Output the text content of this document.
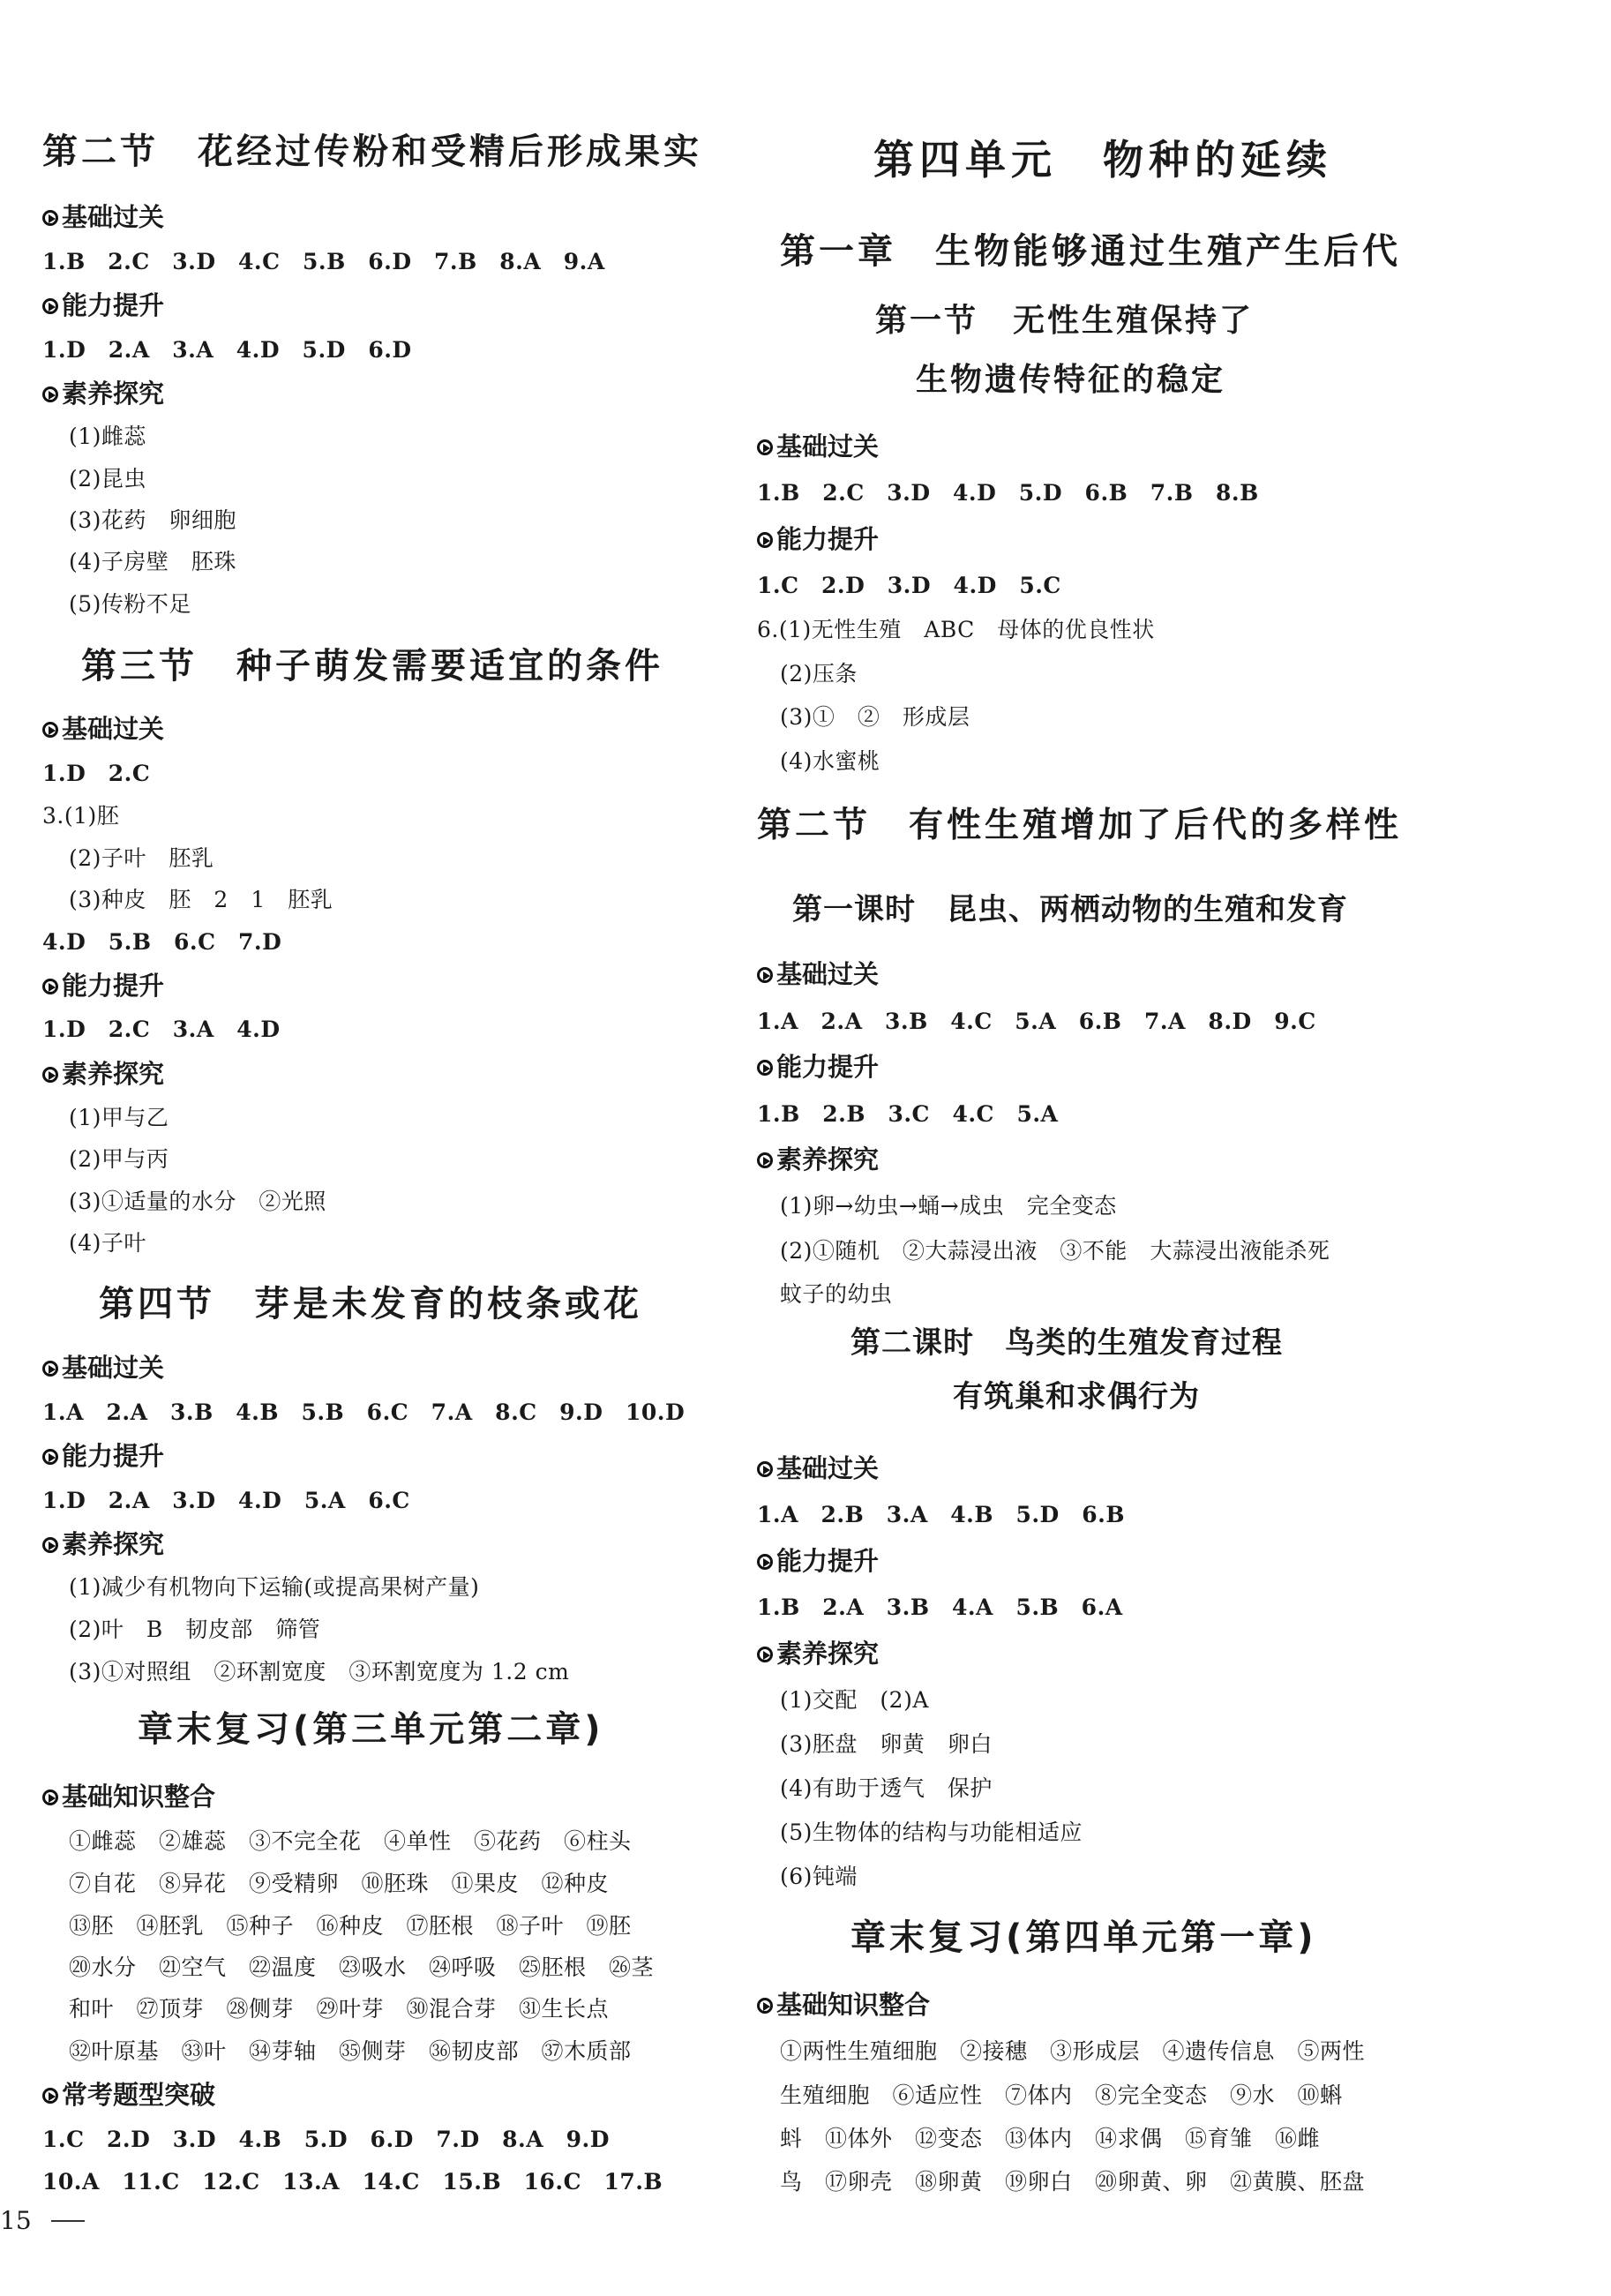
第二节　花经过传粉和受精后形成果实
基础过关
1.B　2.C　3.D　4.C　5.B　6.D　7.B　8.A　9.A
能力提升
1.D　2.A　3.A　4.D　5.D　6.D
素养探究
(1)雌蕊
(2)昆虫
(3)花药　卵细胞
(4)子房壁　胚珠
(5)传粉不足
第三节　种子萌发需要适宜的条件
基础过关
1.D　2.C
3.(1)胚
(2)子叶　胚乳
(3)种皮　胚　2　1　胚乳
4.D　5.B　6.C　7.D
能力提升
1.D　2.C　3.A　4.D
素养探究
(1)甲与乙
(2)甲与丙
(3)①适量的水分　②光照
(4)子叶
第四节　芽是未发育的枝条或花
基础过关
1.A　2.A　3.B　4.B　5.B　6.C　7.A　8.C　9.D　10.D
能力提升
1.D　2.A　3.D　4.D　5.A　6.C
素养探究
(1)减少有机物向下运输(或提高果树产量)
(2)叶　B　韧皮部　筛管
(3)①对照组　②环割宽度　③环割宽度为 1.2 cm
章末复习(第三单元第二章)
基础知识整合
①雌蕊　②雄蕊　③不完全花　④单性　⑤花药　⑥柱头
⑦自花　⑧异花　⑨受精卵　⑩胚珠　⑪果皮　⑫种皮
⑬胚　⑭胚乳　⑮种子　⑯种皮　⑰胚根　⑱子叶　⑲胚
⑳水分　㉑空气　㉒温度　㉓吸水　㉔呼吸　㉕胚根　㉖茎
和叶　㉗顶芽　㉘侧芽　㉙叶芽　㉚混合芽　㉛生长点
㉜叶原基　㉝叶　㉞芽轴　㉟侧芽　㊱韧皮部　㊲木质部
常考题型突破
1.C　2.D　3.D　4.B　5.D　6.D　7.D　8.A　9.D
10.A　11.C　12.C　13.A　14.C　15.B　16.C　17.B
15
第四单元　物种的延续
第一章　生物能够通过生殖产生后代
第一节　无性生殖保持了
生物遗传特征的稳定
基础过关
1.B　2.C　3.D　4.D　5.D　6.B　7.B　8.B
能力提升
1.C　2.D　3.D　4.D　5.C
6.(1)无性生殖　ABC　母体的优良性状
(2)压条
(3)①　②　形成层
(4)水蜜桃
第二节　有性生殖增加了后代的多样性
第一课时　昆虫、两栖动物的生殖和发育
基础过关
1.A　2.A　3.B　4.C　5.A　6.B　7.A　8.D　9.C
能力提升
1.B　2.B　3.C　4.C　5.A
素养探究
(1)卵→幼虫→蛹→成虫　完全变态
(2)①随机　②大蒜浸出液　③不能　大蒜浸出液能杀死
蚊子的幼虫
第二课时　鸟类的生殖发育过程
有筑巢和求偶行为
基础过关
1.A　2.B　3.A　4.B　5.D　6.B
能力提升
1.B　2.A　3.B　4.A　5.B　6.A
素养探究
(1)交配　(2)A
(3)胚盘　卵黄　卵白
(4)有助于透气　保护
(5)生物体的结构与功能相适应
(6)钝端
章末复习(第四单元第一章)
基础知识整合
①两性生殖细胞　②接穗　③形成层　④遗传信息　⑤两性
生殖细胞　⑥适应性　⑦体内　⑧完全变态　⑨水　⑩蝌
蚪　⑪体外　⑫变态　⑬体内　⑭求偶　⑮育雏　⑯雌
鸟　⑰卵壳　⑱卵黄　⑲卵白　⑳卵黄、卵　㉑黄膜、胚盘
